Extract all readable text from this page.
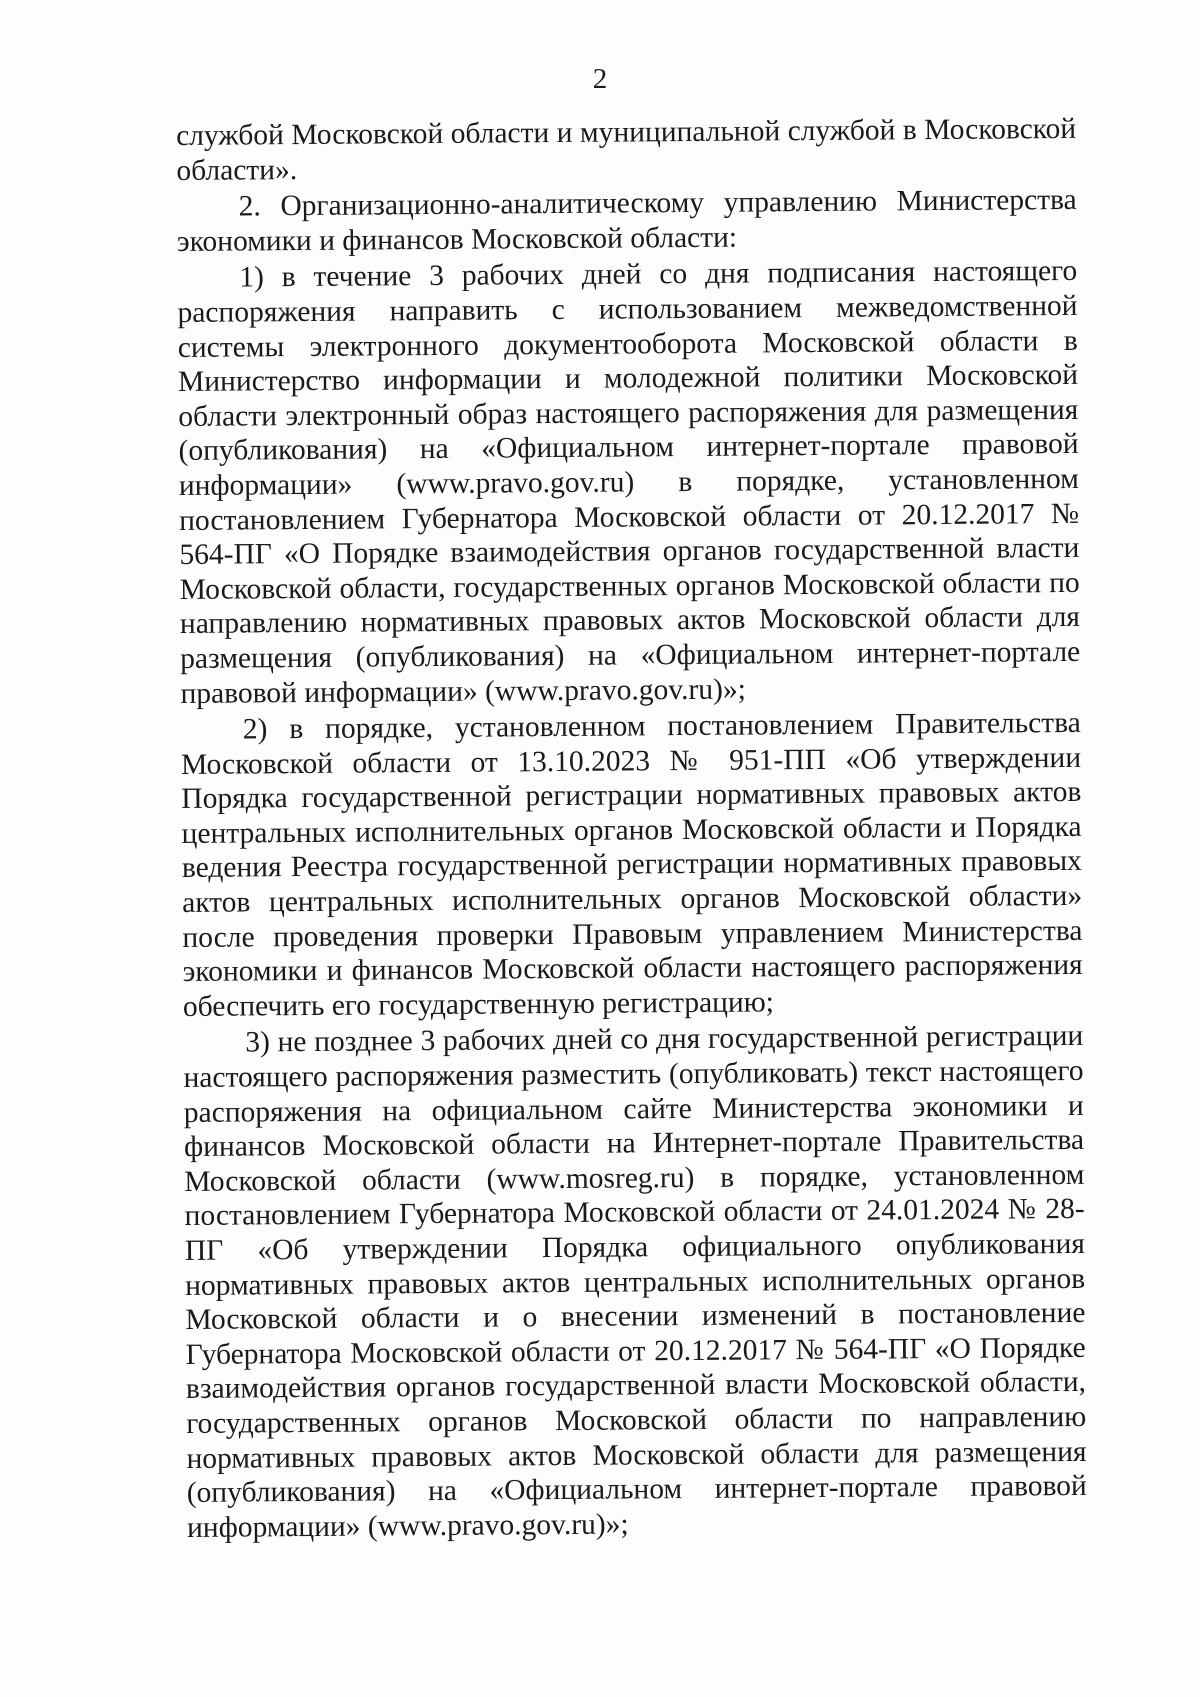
2

службой Московской области и муниципальной службой в Московской области».

2. Организационно-аналитическому управлению Министерства экономики и финансов Московской области:

1) в течение 3 рабочих дней со дня подписания настоящего распоряжения направить с использованием межведомственной системы электронного документооборота Московской области в Министерство информации и молодежной политики Московской области электронный образ настоящего распоряжения для размещения (опубликования) на «Официальном интернет-портале правовой информации» (www.pravo.gov.ru) в порядке, установленном постановлением Губернатора Московской области от 20.12.2017 № 564-ПГ «О Порядке взаимодействия органов государственной власти Московской области, государственных органов Московской области по направлению нормативных правовых актов Московской области для размещения (опубликования) на «Официальном интернет-портале правовой информации» (www.pravo.gov.ru)»;

2) в порядке, установленном постановлением Правительства Московской области от 13.10.2023 № 951-ПП «Об утверждении Порядка государственной регистрации нормативных правовых актов центральных исполнительных органов Московской области и Порядка ведения Реестра государственной регистрации нормативных правовых актов центральных исполнительных органов Московской области» после проведения проверки Правовым управлением Министерства экономики и финансов Московской области настоящего распоряжения обеспечить его государственную регистрацию;

3) не позднее 3 рабочих дней со дня государственной регистрации настоящего распоряжения разместить (опубликовать) текст настоящего распоряжения на официальном сайте Министерства экономики и финансов Московской области на Интернет-портале Правительства Московской области (www.mosreg.ru) в порядке, установленном постановлением Губернатора Московской области от 24.01.2024 № 28-ПГ «Об утверждении Порядка официального опубликования нормативных правовых актов центральных исполнительных органов Московской области и о внесении изменений в постановление Губернатора Московской области от 20.12.2017 № 564-ПГ «О Порядке взаимодействия органов государственной власти Московской области, государственных органов Московской области по направлению нормативных правовых актов Московской области для размещения (опубликования) на «Официальном интернет-портале правовой информации» (www.pravo.gov.ru)»;
